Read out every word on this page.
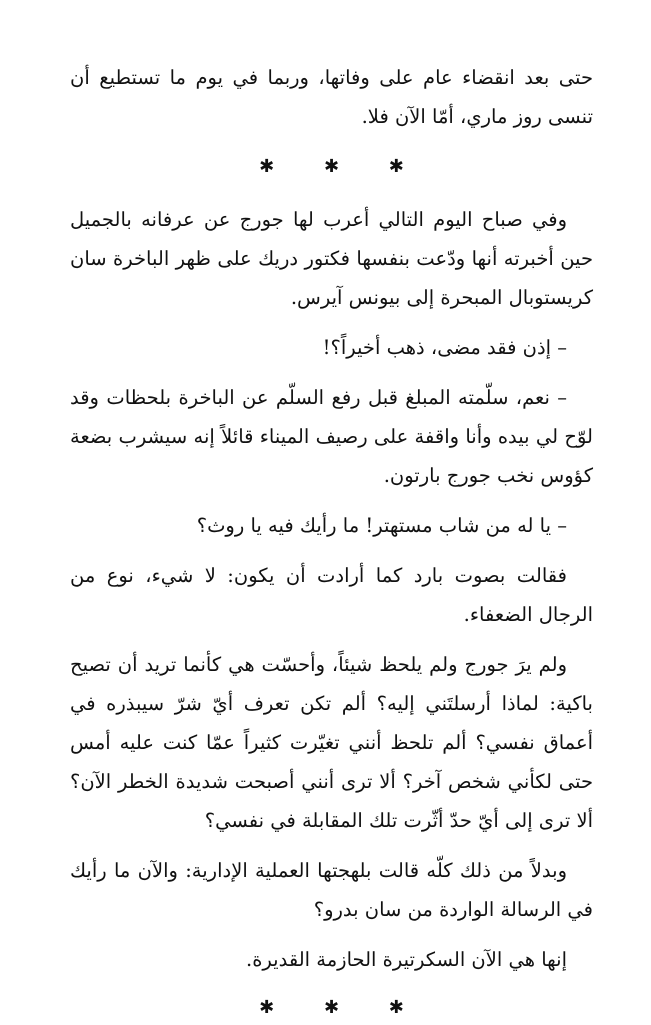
حتى بعد انقضاء عام على وفاتها، وربما في يوم ما تستطيع أن تنسى روز ماري، أمّا الآن فلا.

✱ ✱ ✱

وفي صباح اليوم التالي أعرب لها جورج عن عرفانه بالجميل حين أخبرته أنها ودّعت بنفسها فكتور دريك على ظهر الباخرة سان كريستوبال المبحرة إلى بيونس آيرس.

– إذن فقد مضى، ذهب أخيراً؟!

– نعم، سلّمته المبلغ قبل رفع السلّم عن الباخرة بلحظات وقد لوّح لي بيده وأنا واقفة على رصيف الميناء قائلاً إنه سيشرب بضعة كؤوس نخب جورج بارتون.

– يا له من شاب مستهتر! ما رأيك فيه يا روث؟

فقالت بصوت بارد كما أرادت أن يكون: لا شيء، نوع من الرجال الضعفاء.

ولم يرَ جورج ولم يلحظ شيئاً، وأحسّت هي كأنما تريد أن تصيح باكية: لماذا أرسلتَني إليه؟ ألم تكن تعرف أيّ شرّ سيبذره في أعماق نفسي؟ ألم تلحظ أنني تغيّرت كثيراً عمّا كنت عليه أمس حتى لكأني شخص آخر؟ ألا ترى أنني أصبحت شديدة الخطر الآن؟ ألا ترى إلى أيّ حدّ أثّرت تلك المقابلة في نفسي؟

وبدلاً من ذلك كلّه قالت بلهجتها العملية الإدارية: والآن ما رأيك في الرسالة الواردة من سان بدرو؟

إنها هي الآن السكرتيرة الحازمة القديرة.

✱ ✱ ✱
